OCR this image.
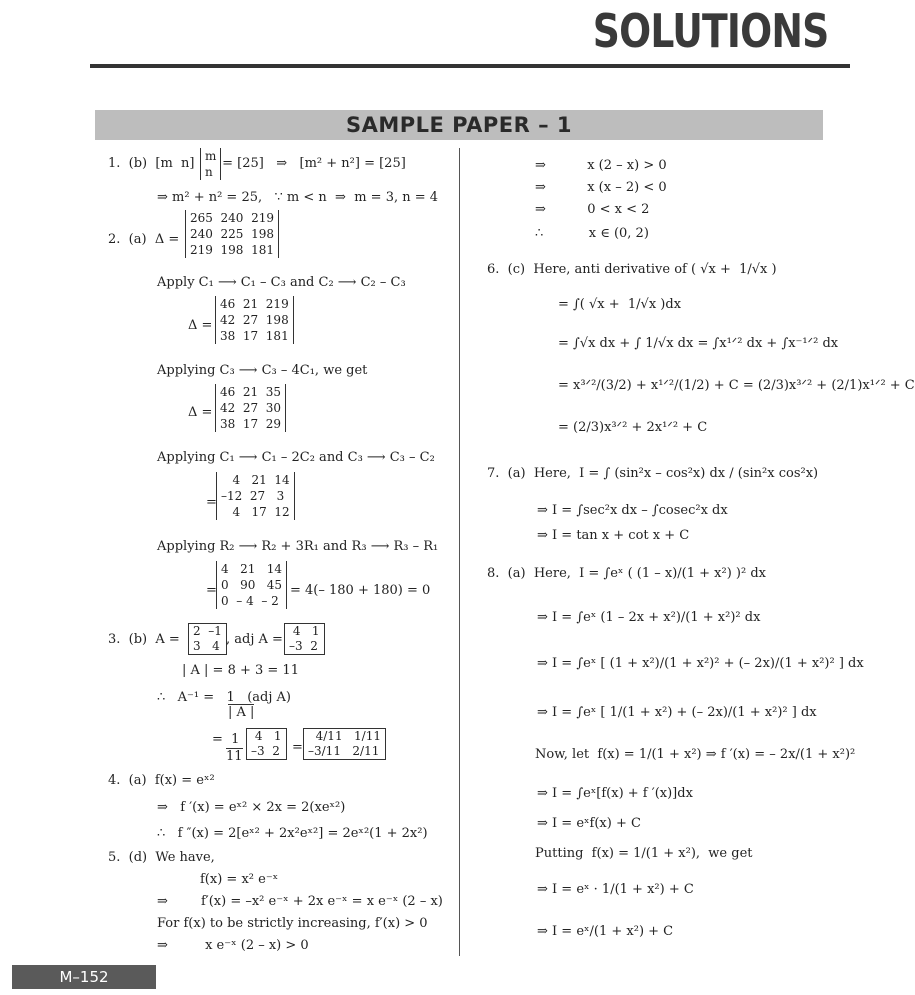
SOLUTIONS
SAMPLE PAPER – 1
1.  (b)  [m  n] m
n
= [25]   ⇒   [m² + n²] = [25]
⇒ m² + n² = 25,   ∵ m < n  ⇒  m = 3, n = 4
2.  (a)  Δ =
265  240  219
240  225  198
219  198  181
Apply C₁ ⟶ C₁ – C₃ and C₂ ⟶ C₂ – C₃
Δ =
46  21  219
42  27  198
38  17  181
Applying C₃ ⟶ C₃ – 4C₁, we get
Δ =
46  21  35
42  27  30
38  17  29
Applying C₁ ⟶ C₁ – 2C₂ and C₃ ⟶ C₃ – C₂
=
4   21  14
–12  27   3
4   17  12
Applying R₂ ⟶ R₂ + 3R₁ and R₃ ⟶ R₃ – R₁
=
4   21   14
0   90   45
0  – 4  – 2
= 4(– 180 + 180) = 0
3.  (b)  A =
2  –1
3   4 , adj A =
4   1
–3  2
| A | = 8 + 3 = 11
∴   A⁻¹ =   1   (adj A)
| A |
=  1
11
4   1
–3  2 =
4/11   1/11
–3/11   2/11
4.  (a)  f(x) = eˣ²
⇒   f ′(x) = eˣ² × 2x = 2(xeˣ²)
∴   f ″(x) = 2[eˣ² + 2x²eˣ²] = 2eˣ²(1 + 2x²)
5.  (d)  We have,
f(x) = x² e⁻ˣ
⇒        f′(x) = –x² e⁻ˣ + 2x e⁻ˣ = x e⁻ˣ (2 – x)
For f(x) to be strictly increasing, f′(x) > 0
⇒         x e⁻ˣ (2 – x) > 0
⇒          x (2 – x) > 0
⇒          x (x – 2) < 0
⇒          0 < x < 2
∴           x ∈ (0, 2)
6.  (c)  Here, anti derivative of ( √x +  1/√x )
= ∫( √x +  1/√x )dx
= ∫√x dx + ∫ 1/√x dx = ∫x¹ᐟ² dx + ∫x⁻¹ᐟ² dx
= x³ᐟ²/(3/2) + x¹ᐟ²/(1/2) + C = (2/3)x³ᐟ² + (2/1)x¹ᐟ² + C
= (2/3)x³ᐟ² + 2x¹ᐟ² + C
7.  (a)  Here,  I = ∫ (sin²x – cos²x) dx / (sin²x cos²x)
⇒ I = ∫sec²x dx – ∫cosec²x dx
⇒ I = tan x + cot x + C
8.  (a)  Here,  I = ∫eˣ ( (1 – x)/(1 + x²) )² dx
⇒ I = ∫eˣ (1 – 2x + x²)/(1 + x²)² dx
⇒ I = ∫eˣ [ (1 + x²)/(1 + x²)² + (– 2x)/(1 + x²)² ] dx
⇒ I = ∫eˣ [ 1/(1 + x²) + (– 2x)/(1 + x²)² ] dx
Now, let  f(x) = 1/(1 + x²) ⇒ f ′(x) = – 2x/(1 + x²)²
⇒ I = ∫eˣ[f(x) + f ′(x)]dx
⇒ I = eˣf(x) + C
Putting  f(x) = 1/(1 + x²),  we get
⇒ I = eˣ · 1/(1 + x²) + C
⇒ I = eˣ/(1 + x²) + C
M–152
